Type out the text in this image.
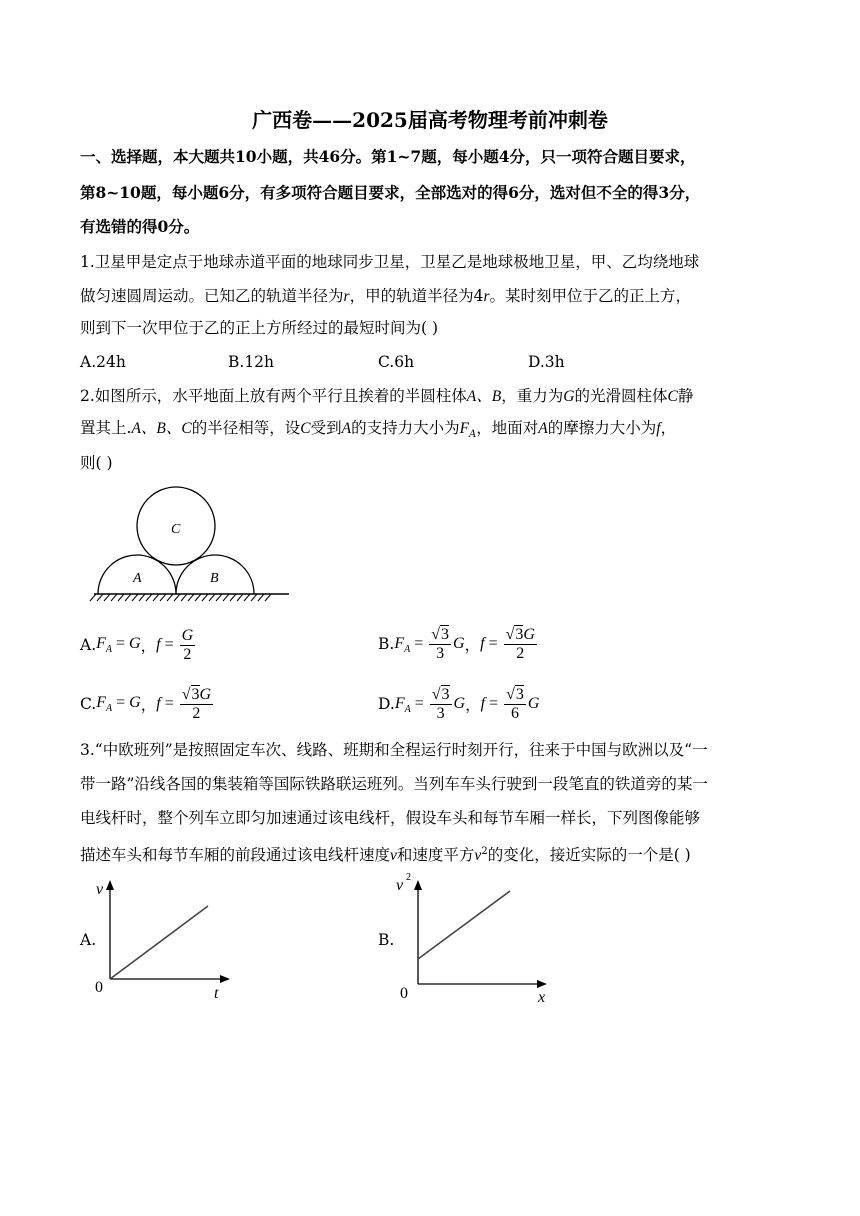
广西卷——2025届高考物理考前冲刺卷
一、选择题，本大题共10小题，共46分。第1~7题，每小题4分，只一项符合题目要求，
第8~10题，每小题6分，有多项符合题目要求，全部选对的得6分，选对但不全的得3分，
有选错的得0分。
1.卫星甲是定点于地球赤道平面的地球同步卫星，卫星乙是地球极地卫星，甲、乙均绕地球
做匀速圆周运动。已知乙的轨道半径为r，甲的轨道半径为4r。某时刻甲位于乙的正上方，
则到下一次甲位于乙的正上方所经过的最短时间为( )
A.24h	B.12h	C.6h	D.3h
2.如图所示，水平地面上放有两个平行且挨着的半圆柱体A、B，重力为G的光滑圆柱体C静
置其上.A、B、C的半径相等，设C受到A的支持力大小为$F_A$，地面对A的摩擦力大小为f，
则( )
C
A	B
A. $F_A = G$ ， $f = \frac{G}{2}$	B. $F_A = \frac{√3}{3}$ G ， $f = \frac{√3G}{2}$
C. $F_A = G$ ， $f = \frac{√3G}{2}$	D. $F_A = \frac{√3}{3}$ G ， $f = \frac{√3}{6}$ G
3.“中欧班列”是按照固定车次、线路、班期和全程运行时刻开行，往来于中国与欧洲以及“一
带一路”沿线各国的集装箱等国际铁路联运班列。当列车车头行驶到一段笔直的铁道旁的某一
电线杆时，整个列车立即匀加速通过该电线杆，假设车头和每节车厢一样长，下列图像能够
描述车头和每节车厢的前段通过该电线杆速度v和速度平方$v^2$的变化，接近实际的一个是( )
A.
v
t
0
B.
v 2
x
0
